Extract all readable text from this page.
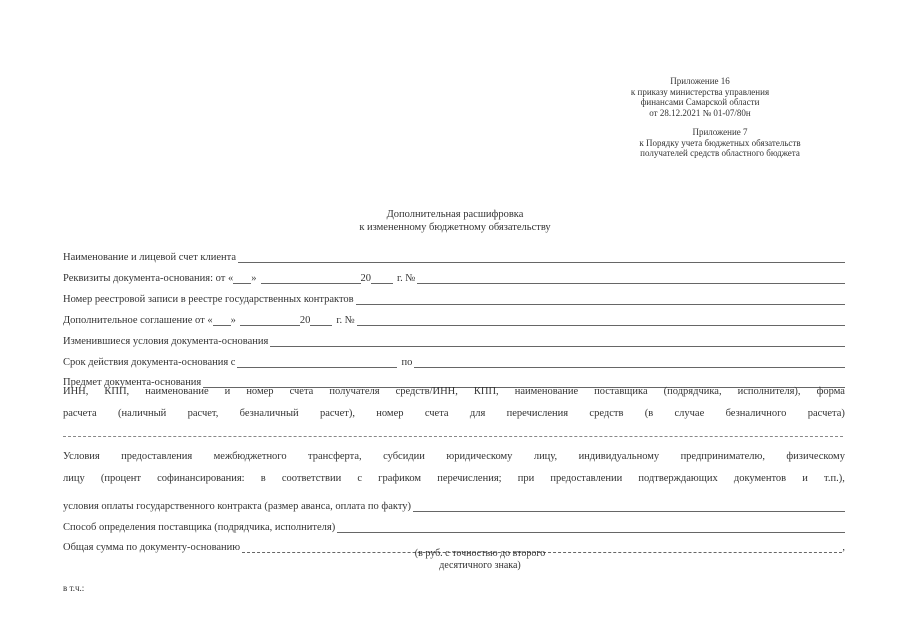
Приложение 16
к приказу министерства управления
финансами Самарской области
от 28.12.2021 № 01-07/80н
Приложение 7
к Порядку учета бюджетных обязательств
получателей средств областного бюджета
Дополнительная расшифровка
к измененному бюджетному обязательству
Наименование и лицевой счет клиента
Реквизиты документа-основания: от « »	20 г. №
Номер реестровой записи в реестре государственных контрактов
Дополнительное соглашение от « »	20 г. №
Изменившиеся условия документа-основания
Срок действия документа-основания с	по
Предмет документа-основания
ИНН, КПП, наименование и номер счета получателя средств/ИНН, КПП, наименование поставщика (подрядчика, исполнителя), форма
расчета (наличный расчет, безналичный расчет), номер счета для перечисления средств (в случае безналичного расчета)
Условия предоставления межбюджетного трансферта, субсидии юридическому лицу, индивидуальному предпринимателю, физическому
лицу (процент софинансирования: в соответствии с графиком перечисления; при предоставлении подтверждающих документов и т.п.),
условия оплаты государственного контракта (размер аванса, оплата по факту)
Способ определения поставщика (подрядчика, исполнителя)
Общая сумма по документу-основанию	,
(в руб. с точностью до второго
десятичного знака)
в т.ч.:
